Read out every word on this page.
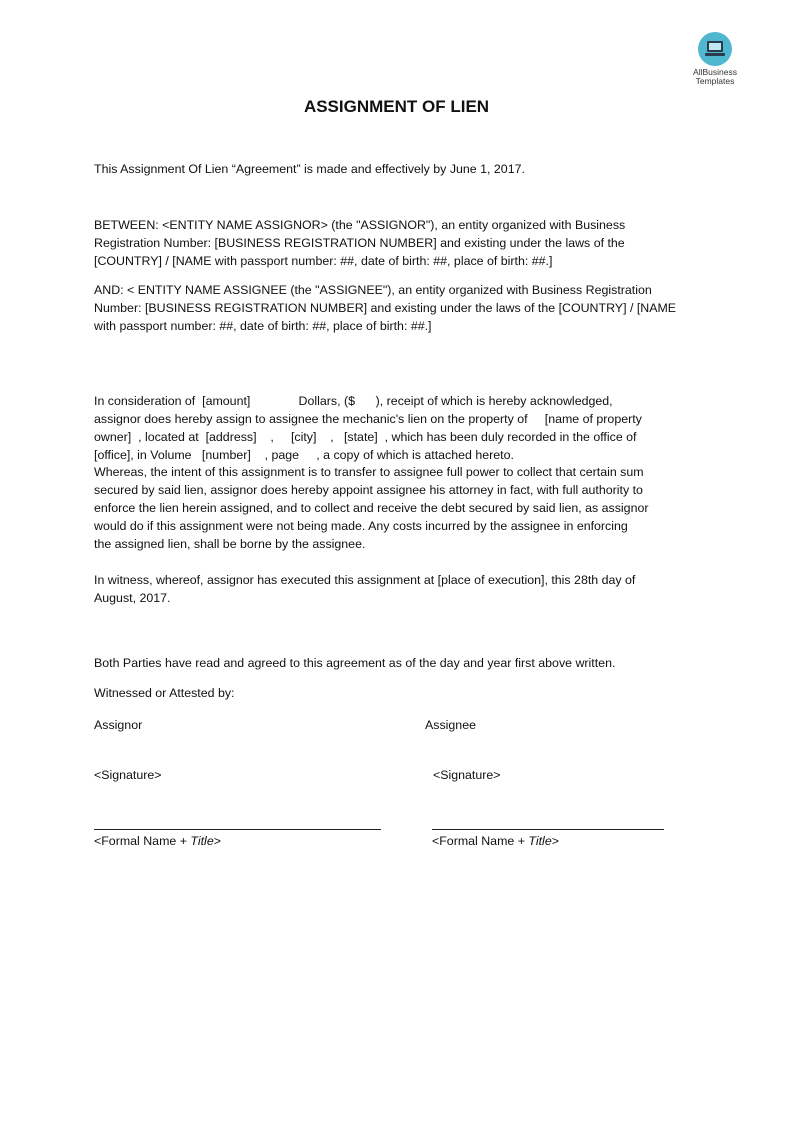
AllBusiness
Templates
ASSIGNMENT OF LIEN

This Assignment Of Lien “Agreement” is made and effectively by June 1, 2017.

BETWEEN: <ENTITY NAME ASSIGNOR> (the "ASSIGNOR"), an entity organized with Business
Registration Number: [BUSINESS REGISTRATION NUMBER] and existing under the laws of the
[COUNTRY] / [NAME with passport number: ##, date of birth: ##, place of birth: ##.]

AND: < ENTITY NAME ASSIGNEE (the "ASSIGNEE"), an entity organized with Business Registration
Number: [BUSINESS REGISTRATION NUMBER] and existing under the laws of the [COUNTRY] / [NAME
with passport number: ##, date of birth: ##, place of birth: ##.]

In consideration of  [amount]              Dollars, ($      ), receipt of which is hereby acknowledged,
assignor does hereby assign to assignee the mechanic's lien on the property of     [name of property
owner]  , located at  [address]    ,     [city]    ,   [state]  , which has been duly recorded in the office of
[office], in Volume   [number]    , page     , a copy of which is attached hereto.

Whereas, the intent of this assignment is to transfer to assignee full power to collect that certain sum
secured by said lien, assignor does hereby appoint assignee his attorney in fact, with full authority to
enforce the lien herein assigned, and to collect and receive the debt secured by said lien, as assignor
would do if this assignment were not being made. Any costs incurred by the assignee in enforcing
the assigned lien, shall be borne by the assignee.

In witness, whereof, assignor has executed this assignment at [place of execution], this 28th day of
August, 2017.

Both Parties have read and agreed to this agreement as of the day and year first above written.

Witnessed or Attested by:

Assignor	Assignee

<Signature>	<Signature>

<Formal Name + Title>	<Formal Name + Title>
